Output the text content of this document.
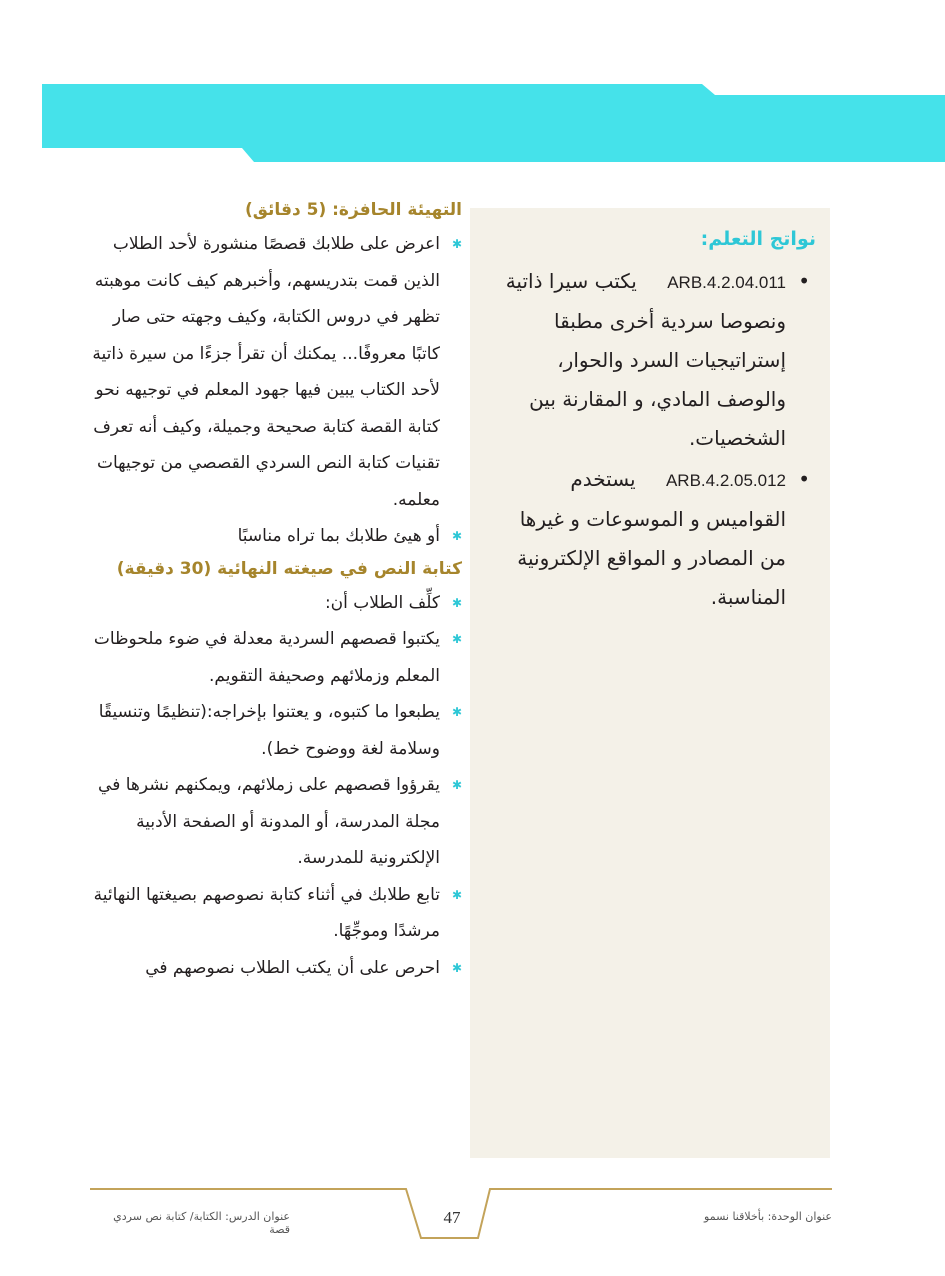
التهيئة الحافزة: (5 دقائق)
✱
اعرض على طلابك قصصًا منشورة لأحد الطلاب الذين قمت بتدريسهم، وأخبرهم كيف كانت موهبته تظهر في دروس الكتابة، وكيف وجهته حتى صار كاتبًا معروفًا... يمكنك أن تقرأ جزءًا من سيرة ذاتية لأحد الكتاب يبين فيها جهود المعلم في توجيهه نحو كتابة القصة كتابة صحيحة وجميلة، وكيف أنه تعرف تقنيات كتابة النص السردي القصصي من توجيهات معلمه.
✱
أو هيئ طلابك بما تراه مناسبًا
كتابة النص في صيغته النهائية (30 دقيقة)
✱
كلِّف الطلاب أن:
✱
يكتبوا قصصهم السردية معدلة في ضوء ملحوظات المعلم وزملائهم وصحيفة التقويم.
✱
يطبعوا ما كتبوه، و يعتنوا بإخراجه:(تنظيمًا وتنسيقًا وسلامة لغة ووضوح خط).
✱
يقرؤوا قصصهم على زملائهم، ويمكنهم نشرها في مجلة المدرسة، أو المدونة أو الصفحة الأدبية الإلكترونية للمدرسة.
✱
تابع طلابك في أثناء كتابة نصوصهم بصيغتها النهائية مرشدًا وموجِّهًا.
✱
احرص على أن يكتب الطلاب نصوصهم في
نواتج التعلم:
•
ARB.4.2.04.011 يكتب سيرا ذاتية ونصوصا سردية أخرى مطبقا إستراتيجيات السرد والحوار، والوصف المادي، و المقارنة بين الشخصيات.
•
ARB.4.2.05.012 يستخدم القواميس و الموسوعات و غيرها من المصادر و المواقع الإلكترونية المناسبة.
عنوان الدرس: الكتابة/ كتابة نص سردي قصة
47	عنوان الوحدة: بأخلاقنا نسمو
